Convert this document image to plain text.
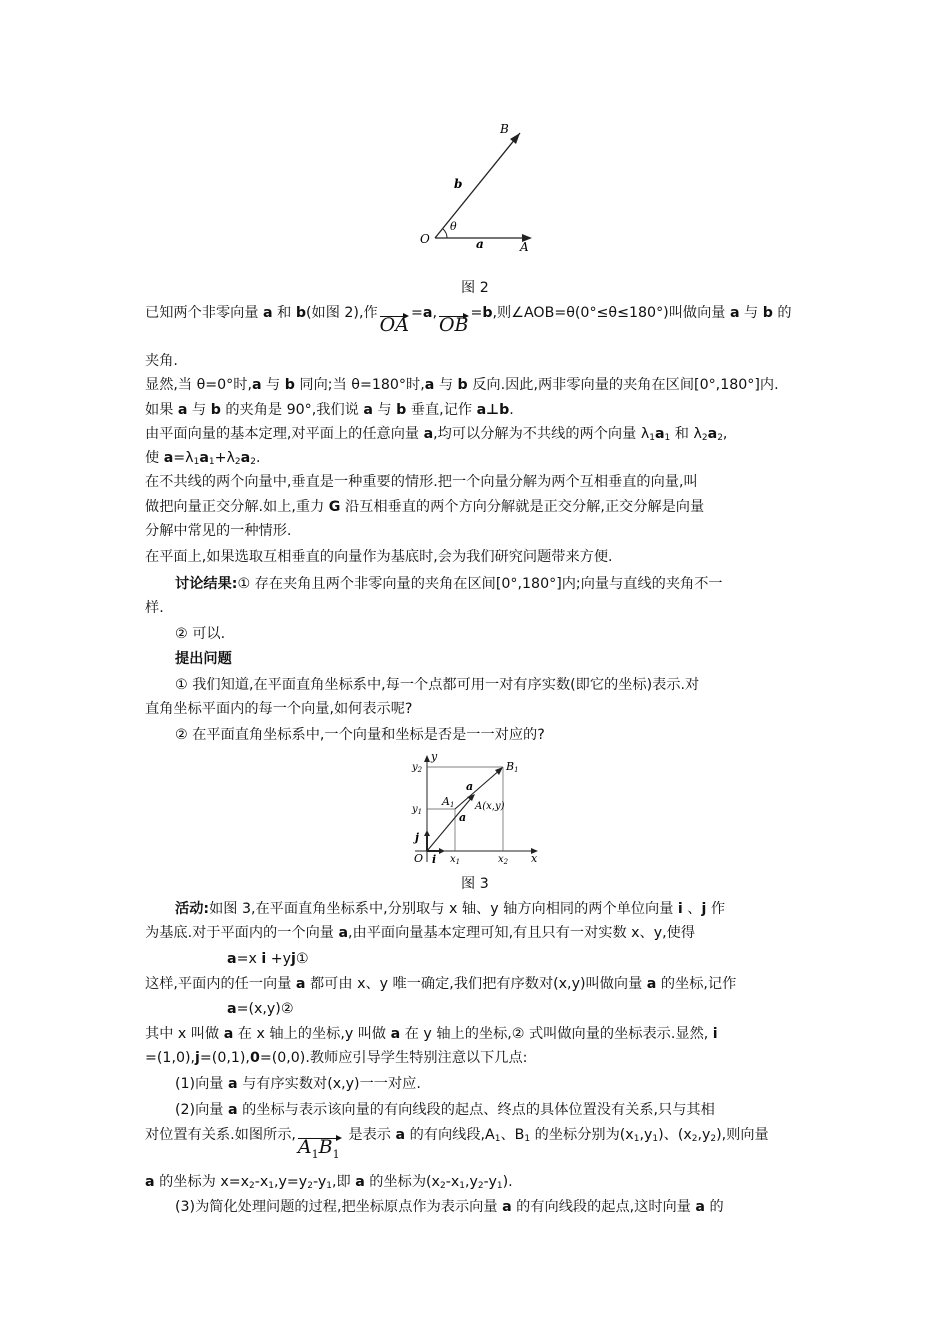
B
b
θ
O	a	A
图 2
已知两个非零向量 a 和 b(如图 2),作
OA=a,
OB=b,则∠AOB=θ(0°≤θ≤180°)叫做向量 a 与 b 的
夹角.
显然,当 θ=0°时,a 与 b 同向;当 θ=180°时,a 与 b 反向.因此,两非零向量的夹角在区间[0°,180°]内.
如果 a 与 b 的夹角是 90°,我们说 a 与 b 垂直,记作 a⊥b.
由平面向量的基本定理,对平面上的任意向量 a,均可以分解为不共线的两个向量 $\lambda_1a_1$ 和 $\lambda_2a_2$,
使 $a=\lambda_1a_1+\lambda_2a_2$.
在不共线的两个向量中,垂直是一种重要的情形.把一个向量分解为两个互相垂直的向量,叫
做把向量正交分解.如上,重力 G 沿互相垂直的两个方向分解就是正交分解,正交分解是向量
分解中常见的一种情形.
在平面上,如果选取互相垂直的向量作为基底时,会为我们研究问题带来方便.
讨论结果:① 存在夹角且两个非零向量的夹角在区间[0°,180°]内;向量与直线的夹角不一
样.
② 可以.
提出问题
① 我们知道,在平面直角坐标系中,每一个点都可用一对有序实数(即它的坐标)表示.对
直角坐标平面内的每一个向量,如何表示呢?
② 在平面直角坐标系中,一个向量和坐标是否是一一对应的?
y
$y_2$	B1
a
A1 A(x,y)
$y_1$	a
j
O i $x_1$	$x_2$ x
图 3
活动:如图 3,在平面直角坐标系中,分别取与 x 轴、y 轴方向相同的两个单位向量 i 、j 作
为基底.对于平面内的一个向量 a,由平面向量基本定理可知,有且只有一对实数 x、y,使得
a=x i +yj①
这样,平面内的任一向量 a 都可由 x、y 唯一确定,我们把有序数对(x,y)叫做向量 a 的坐标,记作
a=(x,y)②
其中 x 叫做 a 在 x 轴上的坐标,y 叫做 a 在 y 轴上的坐标,② 式叫做向量的坐标表示.显然, i
=(1,0),j=(0,1),0=(0,0).教师应引导学生特别注意以下几点:
(1)向量 a 与有序实数对(x,y)一一对应.
(2)向量 a 的坐标与表示该向量的有向线段的起点、终点的具体位置没有关系,只与其相
对位置有关系.如图所示,
$A_1B_1$ 是表示 a 的有向线段$,A_1$、$B_1$ 的坐标分别为$(x_1,y_1)$、$(x_2,y_2)$,则向量
a 的坐标为 $x=x_2-x_1,y=y_2-y_1$,即 a 的坐标为$(x_2-x_1,y_2-y_1)$.
(3)为简化处理问题的过程,把坐标原点作为表示向量 a 的有向线段的起点,这时向量 a 的
